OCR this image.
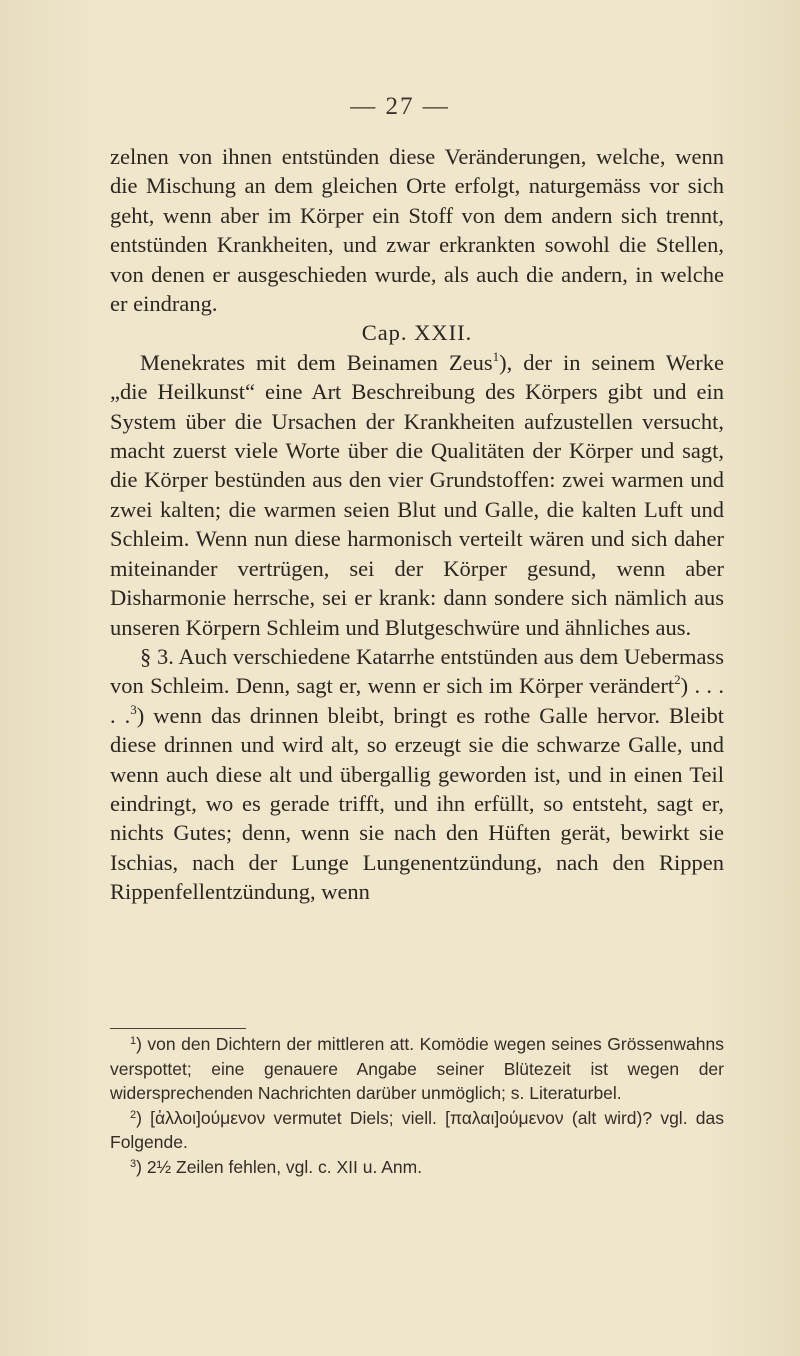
— 27 —

zelnen von ihnen entstünden diese Veränderungen, welche, wenn die Mischung an dem gleichen Orte erfolgt, naturgemäss vor sich geht, wenn aber im Körper ein Stoff von dem andern sich trennt, entstünden Krankheiten, und zwar erkrankten sowohl die Stellen, von denen er ausgeschieden wurde, als auch die andern, in welche er eindrang.

Cap. XXII.

Menekrates mit dem Beinamen Zeus$^1$), der in seinem Werke „die Heilkunst“ eine Art Beschreibung des Körpers gibt und ein System über die Ursachen der Krankheiten aufzustellen versucht, macht zuerst viele Worte über die Qualitäten der Körper und sagt, die Körper bestünden aus den vier Grundstoffen: zwei warmen und zwei kalten; die warmen seien Blut und Galle, die kalten Luft und Schleim. Wenn nun diese harmonisch verteilt wären und sich daher miteinander vertrügen, sei der Körper gesund, wenn aber Disharmonie herrsche, sei er krank: dann sondere sich nämlich aus unseren Körpern Schleim und Blutgeschwüre und ähnliches aus.

§ 3. Auch verschiedene Katarrhe entstünden aus dem Uebermass von Schleim. Denn, sagt er, wenn er sich im Körper verändert$^2$) . . . . .$^3$) wenn das drinnen bleibt, bringt es rothe Galle hervor. Bleibt diese drinnen und wird alt, so erzeugt sie die schwarze Galle, und wenn auch diese alt und übergallig geworden ist, und in einen Teil eindringt, wo es gerade trifft, und ihn erfüllt, so entsteht, sagt er, nichts Gutes; denn, wenn sie nach den Hüften gerät, bewirkt sie Ischias, nach der Lunge Lungenentzündung, nach den Rippen Rippenfellentzündung, wenn

$^1$) von den Dichtern der mittleren att. Komödie wegen seines Grössenwahns verspottet; eine genauere Angabe seiner Blütezeit ist wegen der widersprechenden Nachrichten darüber unmöglich; s. Literaturbel.

$^2$) [ἀλλοι]ούμενον vermutet Diels; viell. [παλαι]ούμενον (alt wird)? vgl. das Folgende.

$^3$) 2½ Zeilen fehlen, vgl. c. XII u. Anm.
